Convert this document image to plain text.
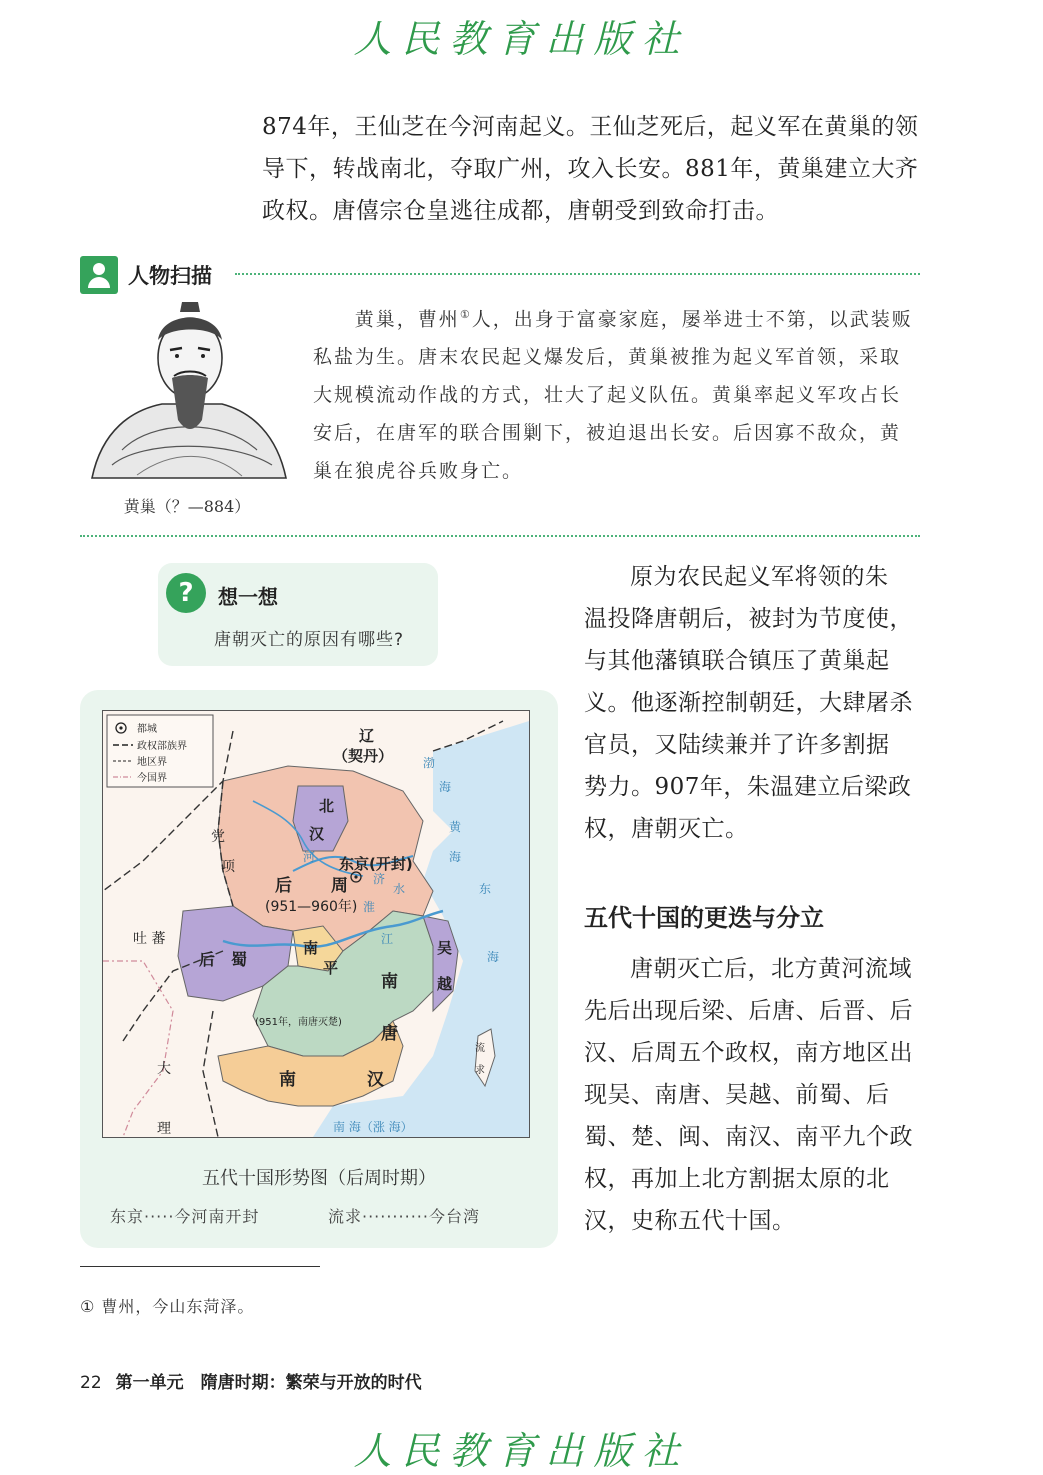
人民教育出版社

874年，王仙芝在今河南起义。王仙芝死后，起义军在黄巢的领

导下，转战南北，夺取广州，攻入长安。881年，黄巢建立大齐

政权。唐僖宗仓皇逃往成都，唐朝受到致命打击。

人物扫描
黄巢（？—884）

黄巢，曹州①人，出身于富豪家庭，屡举进士不第，以武装贩私盐为生。唐末农民起义爆发后，黄巢被推为起义军首领，采取大规模流动作战的方式，壮大了起义队伍。黄巢率起义军攻占长安后，在唐军的联合围剿下，被迫退出长安。后因寡不敌众，黄巢在狼虎谷兵败身亡。

?	想一想
唐朝灭亡的原因有哪些?

原为农民起义军将领的朱

温投降唐朝后，被封为节度使，

与其他藩镇联合镇压了黄巢起

义。他逐渐控制朝廷，大肆屠杀

官员，又陆续兼并了许多割据

势力。907年，朱温建立后梁政

权，唐朝灭亡。

五代十国的更迭与分立

唐朝灭亡后，北方黄河流域

先后出现后梁、后唐、后晋、后

汉、后周五个政权，南方地区出

现吴、南唐、吴越、前蜀、后

蜀、楚、闽、南汉、南平九个政

权，再加上北方割据太原的北

汉，史称五代十国。

都城
政权部族界
地区界
今国界
辽
（契丹）
北
汉
党
项	东京(开封)
后 周
(951—960年)
吐 蕃
后　蜀
南
平
吴
越
南
唐
(951年，南唐灭楚)
大
理
南	汉
流
求
渤
海
黄
海
东
海
南 海（涨 海）
河
济
水
淮
江
五代十国形势图（后周时期）
东京·····今河南开封	流求···········今台湾
① 曹州，今山东菏泽。
22 第一单元　隋唐时期：繁荣与开放的时代
人民教育出版社
